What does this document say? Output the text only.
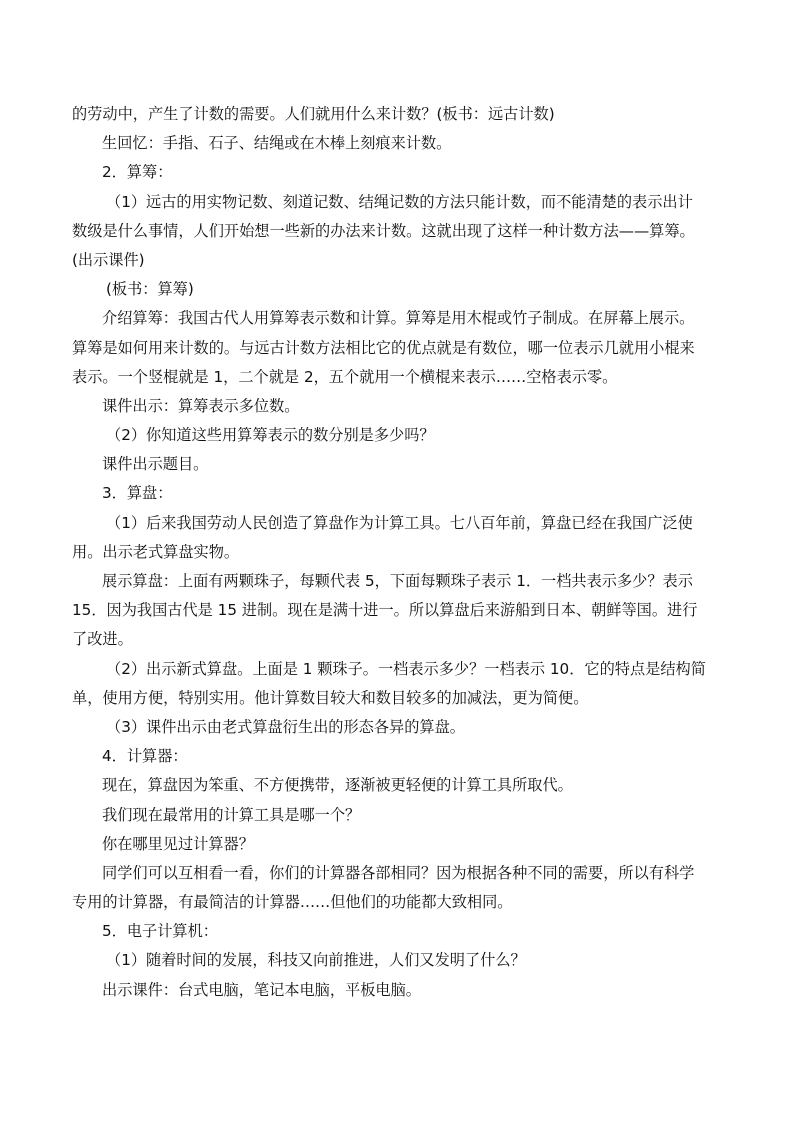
的劳动中，产生了计数的需要。人们就用什么来计数？(板书：远古计数)
生回忆：手指、石子、结绳或在木棒上刻痕来计数。
2．算筹：
（1）远古的用实物记数、刻道记数、结绳记数的方法只能计数，而不能清楚的表示出计
数级是什么事情，人们开始想一些新的办法来计数。这就出现了这样一种计数方法——算筹。
(出示课件)
(板书：算筹)
介绍算筹：我国古代人用算筹表示数和计算。算筹是用木棍或竹子制成。在屏幕上展示。
算筹是如何用来计数的。与远古计数方法相比它的优点就是有数位，哪一位表示几就用小棍来
表示。一个竖棍就是 1，二个就是 2，五个就用一个横棍来表示……空格表示零。
课件出示：算筹表示多位数。
（2）你知道这些用算筹表示的数分别是多少吗？
课件出示题目。
3．算盘：
（1）后来我国劳动人民创造了算盘作为计算工具。七八百年前，算盘已经在我国广泛使
用。出示老式算盘实物。
展示算盘：上面有两颗珠子，每颗代表 5，下面每颗珠子表示 1．一档共表示多少？表示
15．因为我国古代是 15 进制。现在是满十进一。所以算盘后来游船到日本、朝鲜等国。进行
了改进。
（2）出示新式算盘。上面是 1 颗珠子。一档表示多少？一档表示 10．它的特点是结构简
单，使用方便，特别实用。他计算数目较大和数目较多的加减法，更为简便。
（3）课件出示由老式算盘衍生出的形态各异的算盘。
4．计算器：
现在，算盘因为笨重、不方便携带，逐渐被更轻便的计算工具所取代。
我们现在最常用的计算工具是哪一个？
你在哪里见过计算器？
同学们可以互相看一看，你们的计算器各部相同？因为根据各种不同的需要，所以有科学
专用的计算器，有最简洁的计算器……但他们的功能都大致相同。
5．电子计算机：
（1）随着时间的发展，科技又向前推进，人们又发明了什么？
出示课件：台式电脑，笔记本电脑，平板电脑。
